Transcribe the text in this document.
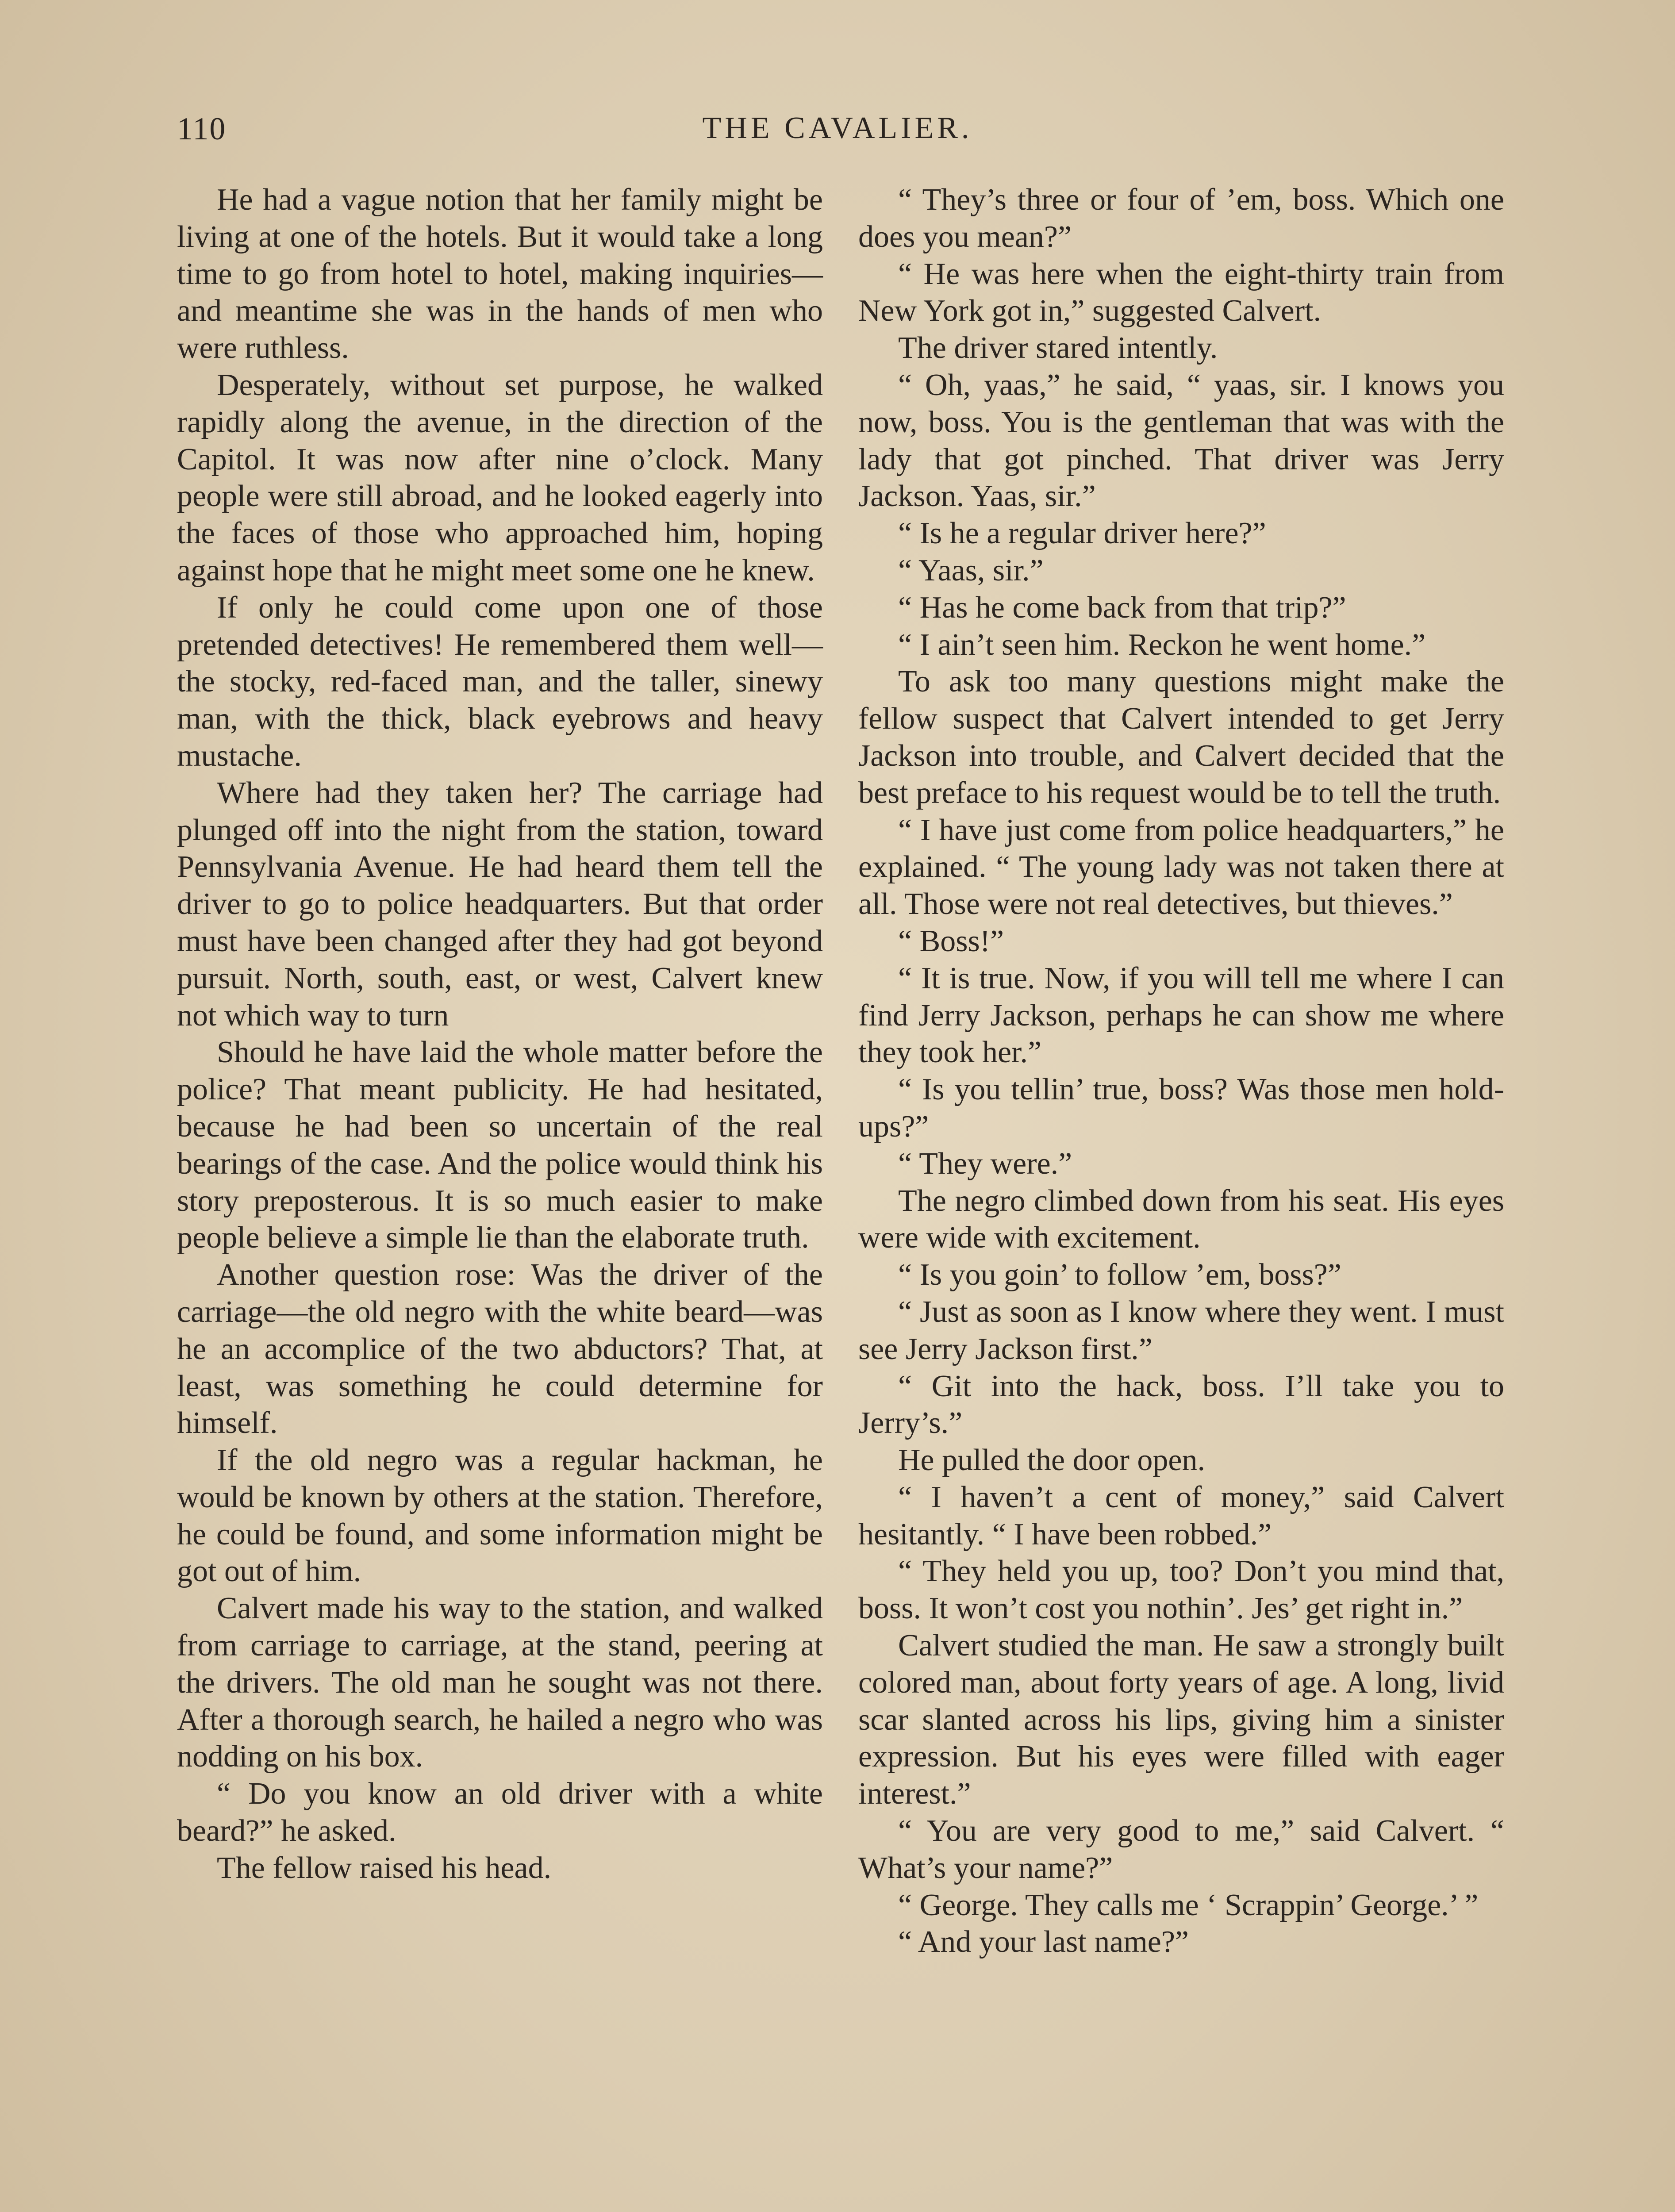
110	THE CAVALIER.

He had a vague notion that her family might be living at one of the hotels. But it would take a long time to go from hotel to hotel, making inquiries—and meantime she was in the hands of men who were ruthless.

Desperately, without set purpose, he walked rapidly along the avenue, in the direction of the Capitol. It was now after nine o’clock. Many people were still abroad, and he looked eagerly into the faces of those who approached him, hoping against hope that he might meet some one he knew.

If only he could come upon one of those pretended detectives! He remembered them well—the stocky, red-faced man, and the taller, sinewy man, with the thick, black eyebrows and heavy mustache.

Where had they taken her? The carriage had plunged off into the night from the station, toward Pennsylvania Avenue. He had heard them tell the driver to go to police headquarters. But that order must have been changed after they had got beyond pursuit. North, south, east, or west, Calvert knew not which way to turn

Should he have laid the whole matter before the police? That meant publicity. He had hesitated, because he had been so uncertain of the real bearings of the case. And the police would think his story preposterous. It is so much easier to make people believe a simple lie than the elaborate truth.

Another question rose: Was the driver of the carriage—the old negro with the white beard—was he an accomplice of the two abductors? That, at least, was something he could determine for himself.

If the old negro was a regular hackman, he would be known by others at the station. Therefore, he could be found, and some information might be got out of him.

Calvert made his way to the station, and walked from carriage to carriage, at the stand, peering at the drivers. The old man he sought was not there. After a thorough search, he hailed a negro who was nodding on his box.

“ Do you know an old driver with a white beard?” he asked.

The fellow raised his head.

“ They’s three or four of ’em, boss. Which one does you mean?”

“ He was here when the eight-thirty train from New York got in,” suggested Calvert.

The driver stared intently.

“ Oh, yaas,” he said, “ yaas, sir. I knows you now, boss. You is the gentleman that was with the lady that got pinched. That driver was Jerry Jackson. Yaas, sir.”

“ Is he a regular driver here?”

“ Yaas, sir.”

“ Has he come back from that trip?”

“ I ain’t seen him. Reckon he went home.”

To ask too many questions might make the fellow suspect that Calvert intended to get Jerry Jackson into trouble, and Calvert decided that the best preface to his request would be to tell the truth.

“ I have just come from police headquarters,” he explained. “ The young lady was not taken there at all. Those were not real detectives, but thieves.”

“ Boss!”

“ It is true. Now, if you will tell me where I can find Jerry Jackson, perhaps he can show me where they took her.”

“ Is you tellin’ true, boss? Was those men hold-ups?”

“ They were.”

The negro climbed down from his seat. His eyes were wide with excitement.

“ Is you goin’ to follow ’em, boss?”

“ Just as soon as I know where they went. I must see Jerry Jackson first.”

“ Git into the hack, boss. I’ll take you to Jerry’s.”

He pulled the door open.

“ I haven’t a cent of money,” said Calvert hesitantly. “ I have been robbed.”

“ They held you up, too? Don’t you mind that, boss. It won’t cost you nothin’. Jes’ get right in.”

Calvert studied the man. He saw a strongly built colored man, about forty years of age. A long, livid scar slanted across his lips, giving him a sinister expression. But his eyes were filled with eager interest.”

“ You are very good to me,” said Calvert. “ What’s your name?”

“ George. They calls me ‘ Scrappin’ George.’ ”

“ And your last name?”
